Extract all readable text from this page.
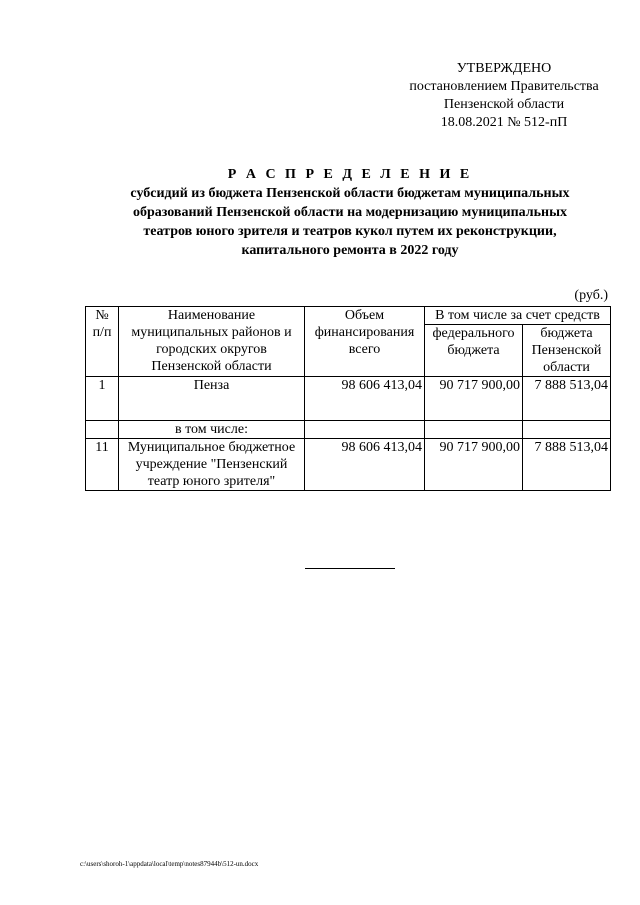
УТВЕРЖДЕНО
постановлением Правительства
Пензенской области
18.08.2021 № 512-пП
Р А С П Р Е Д Е Л Е Н И Е
субсидий из бюджета Пензенской области бюджетам муниципальных
образований Пензенской области на модернизацию муниципальных
театров юного зрителя и театров кукол путем их реконструкции,
капитального ремонта в 2022 году
(руб.)
№ п/п	Наименование муниципальных районов и городских округов Пензенской области	Объем финансирования всего	В том числе за счет средств	
			федерального бюджета	бюджета Пензенской области
1	Пенза	98 606 413,04	90 717 900,00	7 888 513,04
	в том числе:			
11	Муниципальное бюджетное учреждение "Пензенский театр юного зрителя"	98 606 413,04	90 717 900,00	7 888 513,04
c:\users\shoroh-1\appdata\local\temp\notes87944b\512-un.docx
